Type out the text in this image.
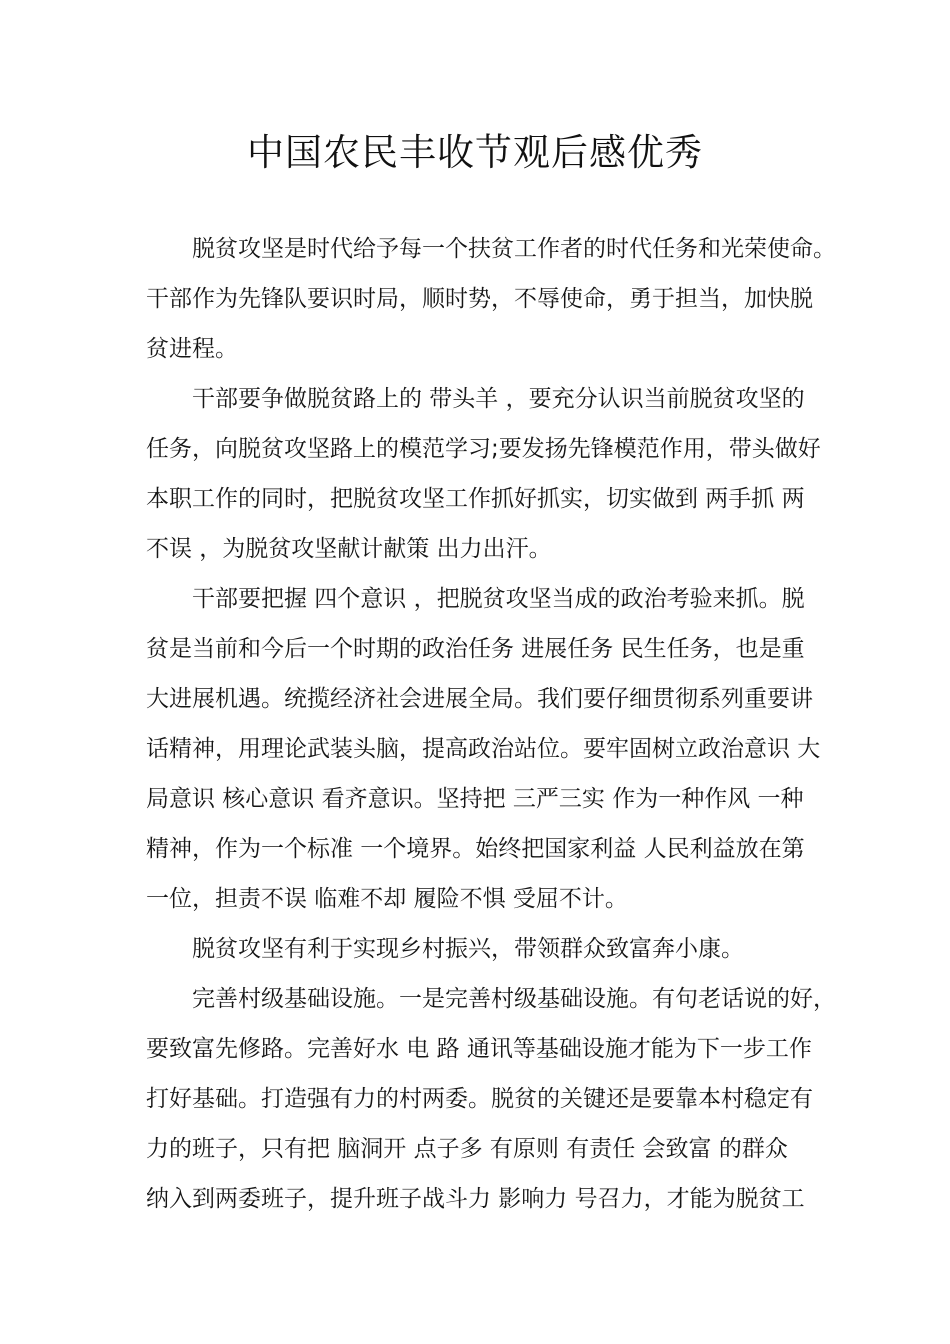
中国农民丰收节观后感优秀
脱贫攻坚是时代给予每一个扶贫工作者的时代任务和光荣使命。
干部作为先锋队要识时局，顺时势，不辱使命，勇于担当，加快脱
贫进程。
干部要争做脱贫路上的 带头羊 ，要充分认识当前脱贫攻坚的
任务，向脱贫攻坚路上的模范学习;要发扬先锋模范作用，带头做好
本职工作的同时，把脱贫攻坚工作抓好抓实，切实做到 两手抓 两
不误 ，为脱贫攻坚献计献策 出力出汗。
干部要把握 四个意识 ，把脱贫攻坚当成的政治考验来抓。脱
贫是当前和今后一个时期的政治任务 进展任务 民生任务，也是重
大进展机遇。统揽经济社会进展全局。我们要仔细贯彻系列重要讲
话精神，用理论武装头脑，提高政治站位。要牢固树立政治意识 大
局意识 核心意识 看齐意识。坚持把 三严三实 作为一种作风 一种
精神，作为一个标准 一个境界。始终把国家利益 人民利益放在第
一位，担责不误 临难不却 履险不惧 受屈不计。
脱贫攻坚有利于实现乡村振兴，带领群众致富奔小康。
完善村级基础设施。一是完善村级基础设施。有句老话说的好，
要致富先修路。完善好水 电 路 通讯等基础设施才能为下一步工作
打好基础。打造强有力的村两委。脱贫的关键还是要靠本村稳定有
力的班子，只有把 脑洞开 点子多 有原则 有责任 会致富 的群众
纳入到两委班子，提升班子战斗力 影响力 号召力，才能为脱贫工
